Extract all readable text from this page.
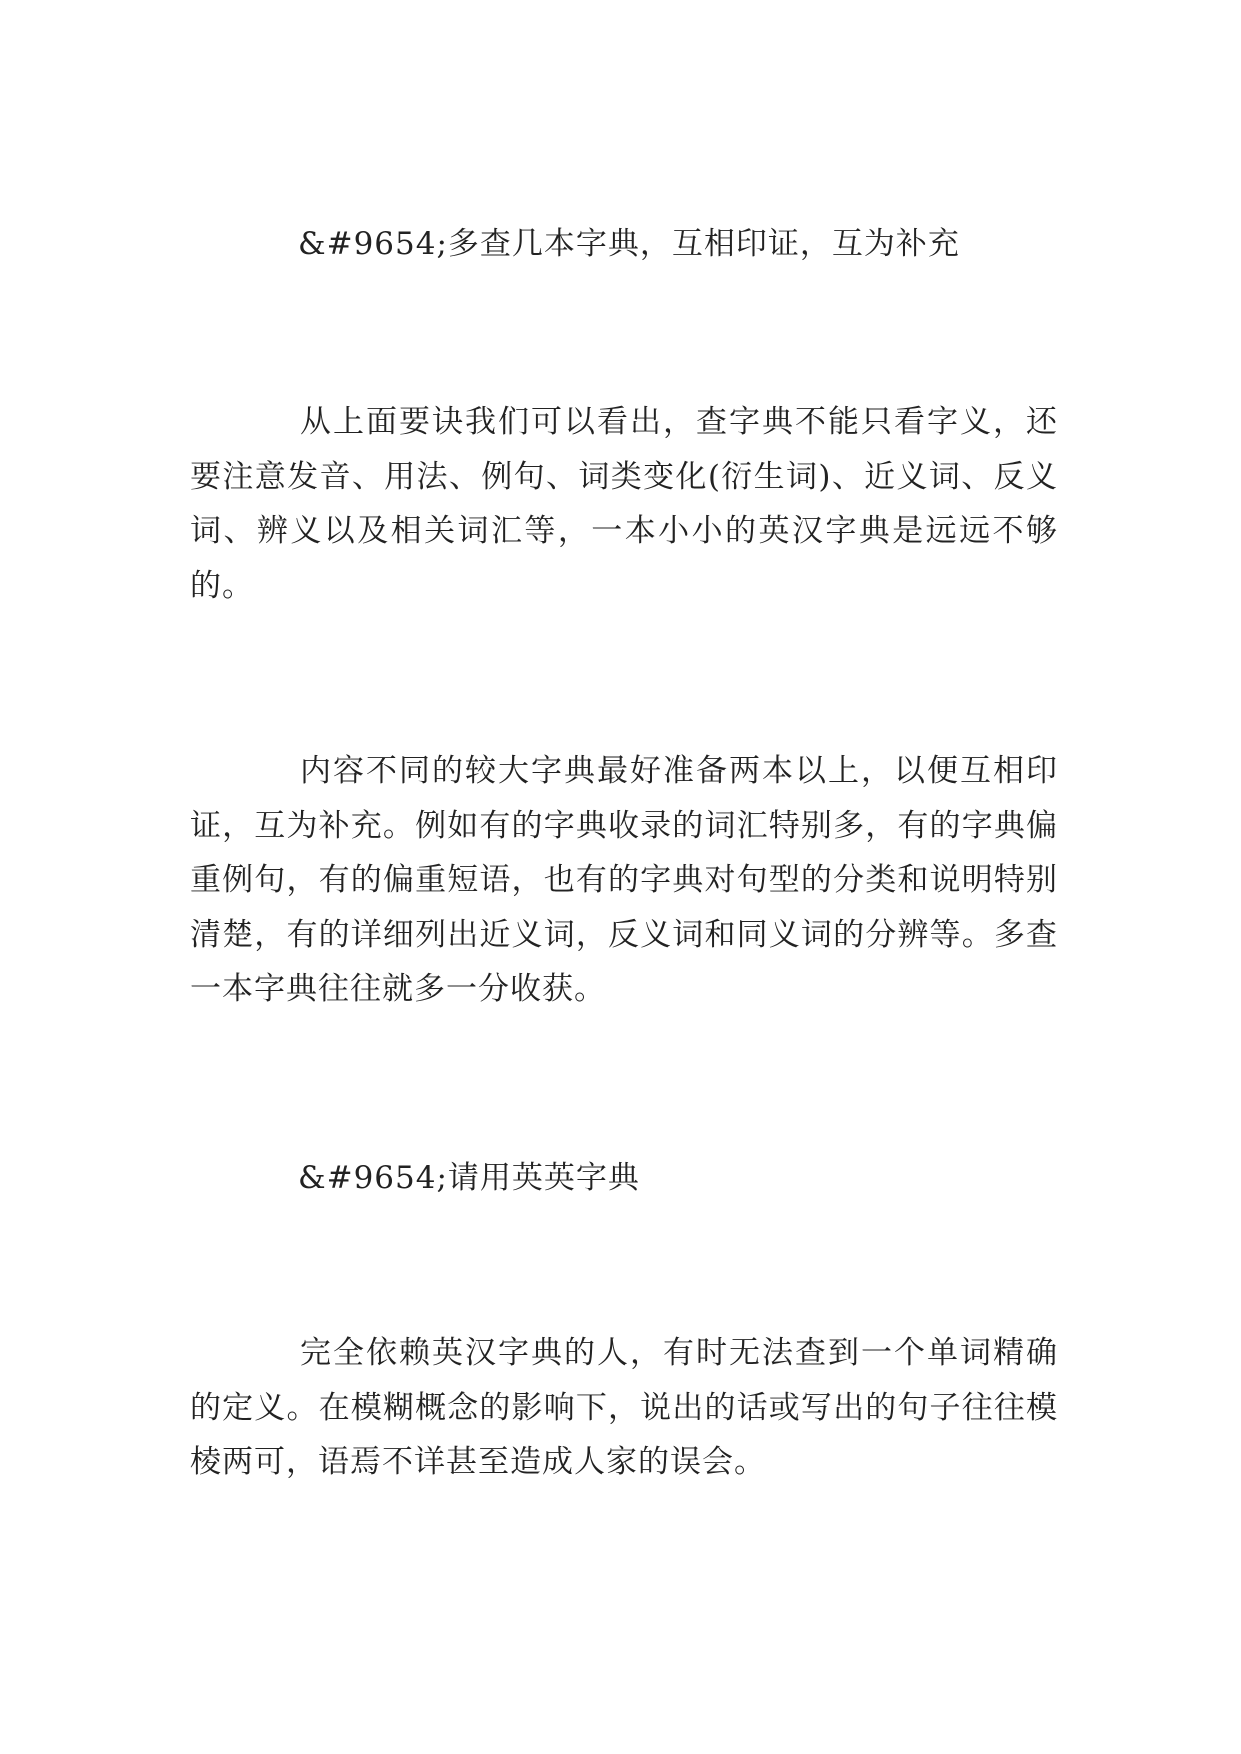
&#9654;多查几本字典，互相印证，互为补充

从上面要诀我们可以看出，查字典不能只看字义，还要注意发音、用法、例句、词类变化(衍生词)、近义词、反义词、辨义以及相关词汇等，一本小小的英汉字典是远远不够的。

内容不同的较大字典最好准备两本以上，以便互相印证，互为补充。例如有的字典收录的词汇特别多，有的字典偏重例句，有的偏重短语，也有的字典对句型的分类和说明特别清楚，有的详细列出近义词，反义词和同义词的分辨等。多查一本字典往往就多一分收获。

&#9654;请用英英字典

完全依赖英汉字典的人，有时无法查到一个单词精确的定义。在模糊概念的影响下，说出的话或写出的句子往往模棱两可，语焉不详甚至造成人家的误会。
